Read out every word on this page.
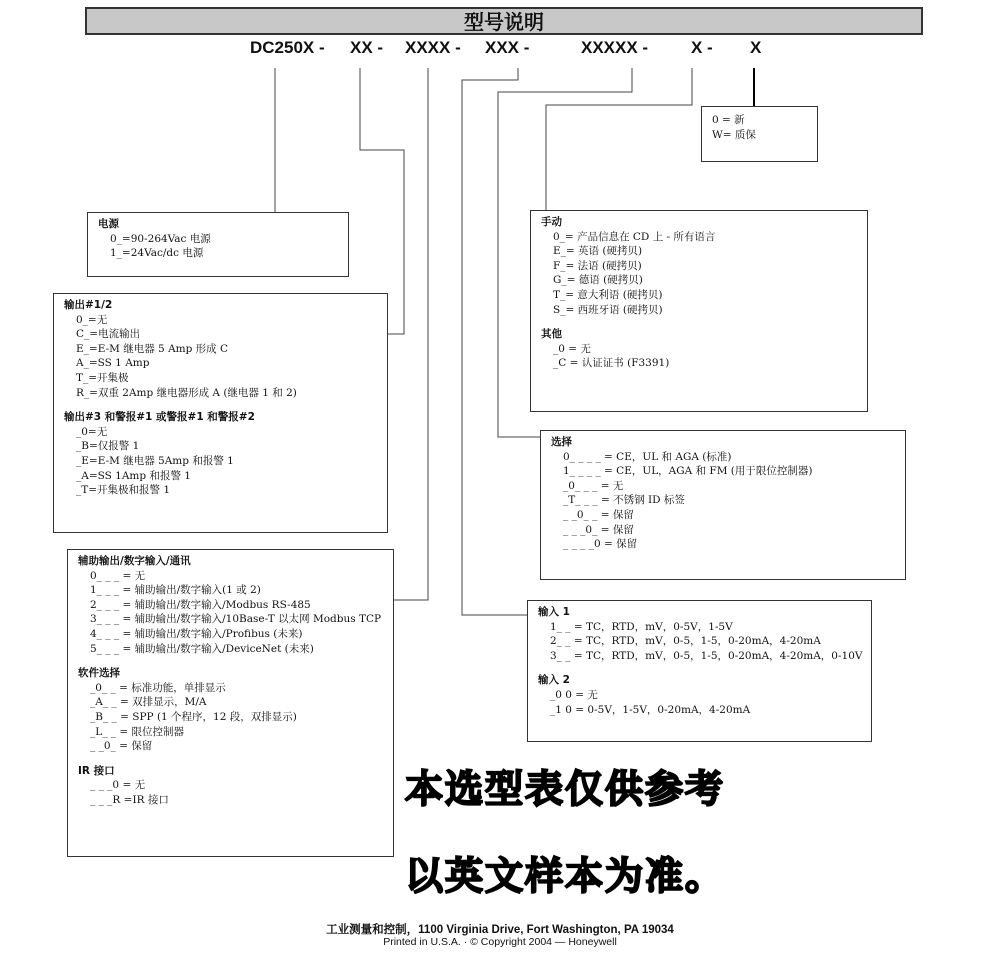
型号说明
DC250X - XX - XXXX - XXX -	XXXXX -	X - X
0 = 新
W= 质保
电源
0_=90-264Vac 电源
1_=24Vac/dc 电源
输出#1/2
0_=无
C_=电流输出
E_=E-M 继电器 5 Amp 形成 C
A_=SS 1 Amp
T_=开集极
R_=双重 2Amp 继电器形成 A (继电器 1 和 2)
输出#3 和警报#1 或警报#1 和警报#2
_0=无
_B=仅报警 1
_E=E-M 继电器 5Amp 和报警 1
_A=SS 1Amp 和报警 1
_T=开集极和报警 1
辅助输出/数字输入/通讯
0_ _ _ = 无
1_ _ _ = 辅助输出/数字输入(1 或 2)
2_ _ _ = 辅助输出/数字输入/Modbus RS-485
3_ _ _ = 辅助输出/数字输入/10Base-T 以太网 Modbus TCP
4_ _ _ = 辅助输出/数字输入/Profibus (未来)
5_ _ _ = 辅助输出/数字输入/DeviceNet (未来)
软件选择
_0_ _ = 标准功能，单排显示
_A_ _ = 双排显示，M/A
_B_ _ = SPP (1 个程序，12 段，双排显示)
_L_ _ = 限位控制器
_ _0_ = 保留
IR 接口
_ _ _0 = 无
_ _ _R =IR 接口
手动
0_= 产品信息在 CD 上 - 所有语言
E_= 英语 (硬拷贝)
F_= 法语 (硬拷贝)
G_= 德语 (硬拷贝)
T_= 意大利语 (硬拷贝)
S_= 西班牙语 (硬拷贝)
其他
_0 = 无
_C = 认证证书 (F3391)
选择
0_ _ _ _ = CE，UL 和 AGA (标准)
1_ _ _ _ = CE，UL，AGA 和 FM (用于限位控制器)
_0_ _ _ = 无
_T_ _ _ = 不锈钢 ID 标签
_ _0_ _ = 保留
_ _ _0_ = 保留
_ _ _ _0 = 保留
输入 1
1_ _ = TC，RTD，mV，0-5V，1-5V
2_ _ = TC，RTD，mV，0-5，1-5，0-20mA，4-20mA
3_ _ = TC，RTD，mV，0-5，1-5，0-20mA，4-20mA，0-10V
输入 2
_0 0 = 无
_1 0 = 0-5V，1-5V，0-20mA，4-20mA
本选型表仅供参考
以英文样本为准。
工业测量和控制，1100 Virginia Drive, Fort Washington, PA 19034
Printed in U.S.A. · © Copyright 2004 — Honeywell
